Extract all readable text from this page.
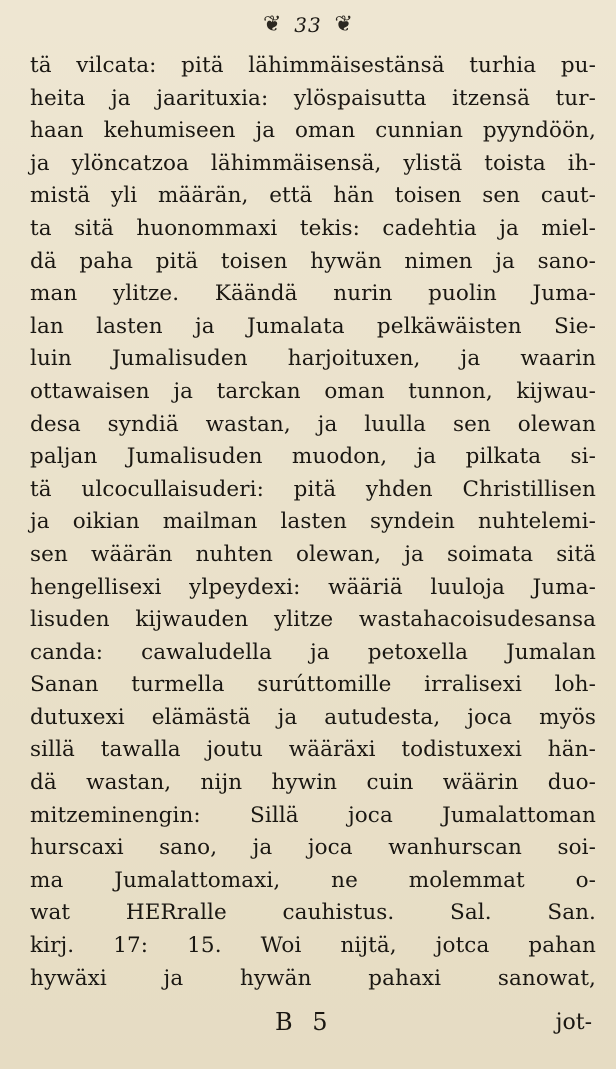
❦ 33 ❦
tä vilcata: pitä lähimmäisestänsä turhia pu-
heita ja jaarituxia: ylöspaisutta itzensä tur-
haan kehumiseen ja oman cunnian pyyndöön,
ja ylöncatzoa lähimmäisensä, ylistä toista ih-
mistä yli määrän, että hän toisen sen caut-
ta sitä huonommaxi tekis: cadehtia ja miel-
dä paha pitä toisen hywän nimen ja sano-
man ylitze. Käändä nurin puolin Juma-
lan lasten ja Jumalata pelkäwäisten Sie-
luin Jumalisuden harjoituxen, ja waarin
ottawaisen ja tarckan oman tunnon, kijwau-
desa syndiä wastan, ja luulla sen olewan
paljan Jumalisuden muodon, ja pilkata si-
tä ulcocullaisuderi: pitä yhden Christillisen
ja oikian mailman lasten syndein nuhtelemi-
sen wäärän nuhten olewan, ja soimata sitä
hengellisexi ylpeydexi: wääriä luuloja Juma-
lisuden kijwauden ylitze wastahacoisudesansa
canda: cawaludella ja petoxella Jumalan
Sanan turmella surúttomille irralisexi loh-
dutuxexi elämästä ja autudesta, joca myös
sillä tawalla joutu wääräxi todistuxexi hän-
dä wastan, nijn hywin cuin wäärin duo-
mitzeminengin: Sillä joca Jumalattoman
hurscaxi sano, ja joca wanhurscan soi-
ma Jumalattomaxi, ne molemmat o-
wat HERralle cauhistus. Sal. San.
kirj. 17: 15. Woi nijtä, jotca pahan
hywäxi ja hywän pahaxi sanowat,
B 5	jot-
